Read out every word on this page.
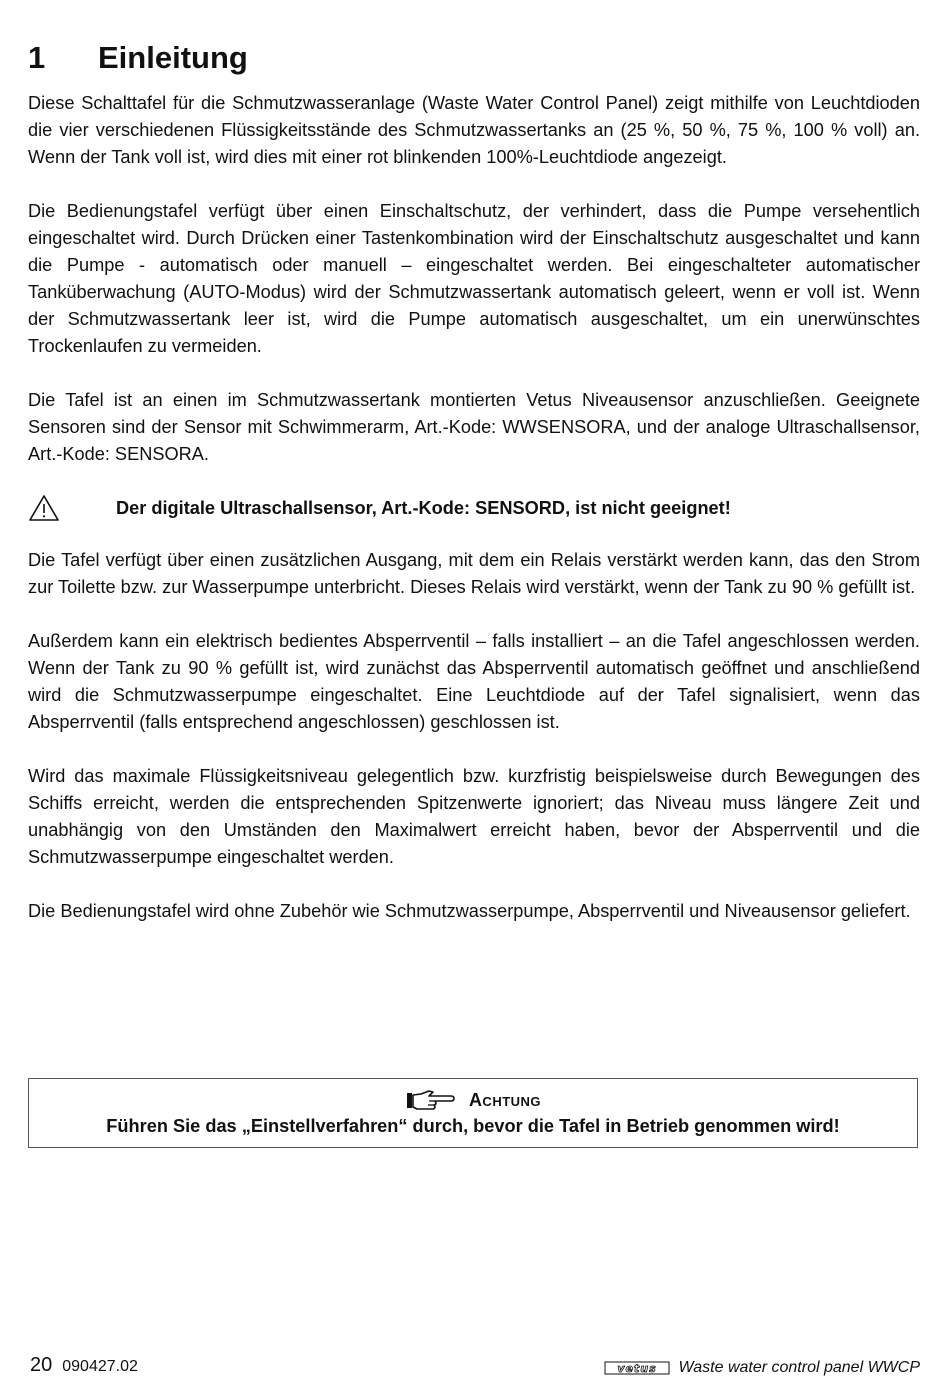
1	Einleitung

Diese Schalttafel für die Schmutzwasseranlage (Waste Water Control Panel) zeigt mithilfe von Leuchtdioden die vier verschiedenen Flüssigkeitsstände des Schmutzwassertanks an (25 %, 50 %, 75 %, 100 % voll) an. Wenn der Tank voll ist, wird dies mit einer rot blinkenden 100%-Leuchtdiode angezeigt.

Die Bedienungstafel verfügt über einen Einschaltschutz, der verhindert, dass die Pumpe versehentlich eingeschaltet wird. Durch Drücken einer Tastenkombination wird der Einschaltschutz ausgeschaltet und kann die Pumpe - automatisch oder manuell – eingeschaltet werden. Bei eingeschalteter automatischer Tanküberwachung (AUTO-Modus) wird der Schmutzwassertank automatisch geleert, wenn er voll ist. Wenn der Schmutzwassertank leer ist, wird die Pumpe automatisch ausgeschaltet, um ein unerwünschtes Trockenlaufen zu vermeiden.

Die Tafel ist an einen im Schmutzwassertank montierten Vetus Niveausensor anzuschließen. Geeignete Sensoren sind der Sensor mit Schwimmerarm, Art.-Kode: WWSENSORA, und der analoge Ultraschallsensor, Art.-Kode: SENSORA.

Der digitale Ultraschallsensor, Art.-Kode: SENSORD, ist nicht geeignet!

Die Tafel verfügt über einen zusätzlichen Ausgang, mit dem ein Relais verstärkt werden kann, das den Strom zur Toilette bzw. zur Wasserpumpe unterbricht. Dieses Relais wird verstärkt, wenn der Tank zu 90 % gefüllt ist.

Außerdem kann ein elektrisch bedientes Absperrventil – falls installiert – an die Tafel angeschlossen werden. Wenn der Tank zu 90 % gefüllt ist, wird zunächst das Absperrventil automatisch geöffnet und anschließend wird die Schmutzwasserpumpe eingeschaltet. Eine Leuchtdiode auf der Tafel signalisiert, wenn das Absperrventil (falls entsprechend angeschlossen) geschlossen ist.

Wird das maximale Flüssigkeitsniveau gelegentlich bzw. kurzfristig beispielsweise durch Bewegungen des Schiffs erreicht, werden die entsprechenden Spitzenwerte ignoriert; das Niveau muss längere Zeit und unabhängig von den Umständen den Maximalwert erreicht haben, bevor der Absperrventil und die Schmutzwasserpumpe eingeschaltet werden.

Die Bedienungstafel wird ohne Zubehör wie Schmutzwasserpumpe, Absperrventil und Niveausensor geliefert.

Achtung
Führen Sie das „Einstellverfahren“ durch, bevor die Tafel in Betrieb genommen wird!
20 090427.02	vetus Waste water control panel WWCP
